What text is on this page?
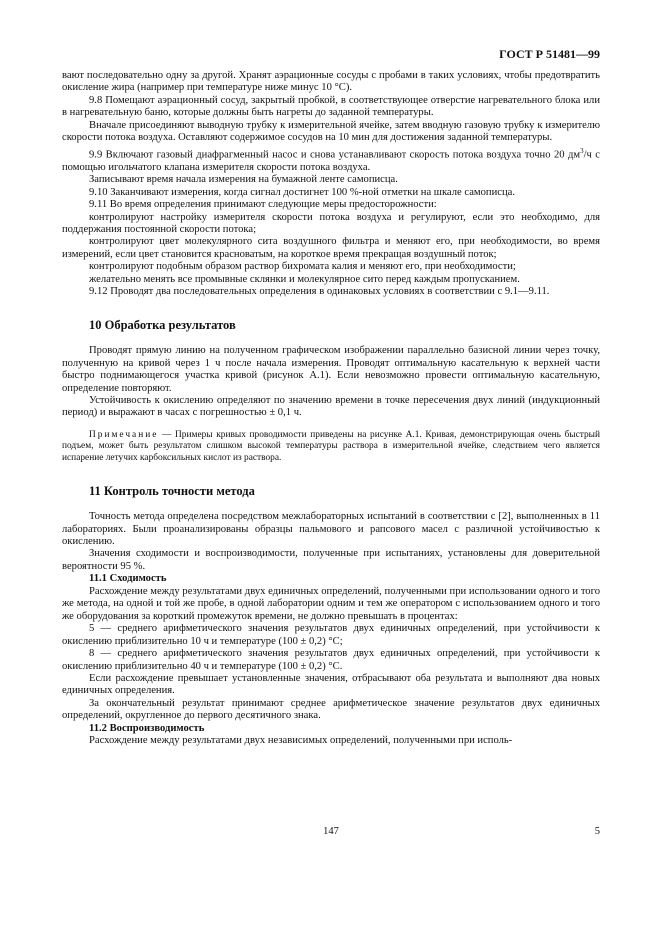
ГОСТ Р 51481—99

вают последовательно одну за другой. Хранят аэрационные сосуды с пробами в таких условиях, чтобы предотвратить окисление жира (например при температуре ниже минус 10 °С).

9.8 Помещают аэрационный сосуд, закрытый пробкой, в соответствующее отверстие нагревательного блока или в нагревательную баню, которые должны быть нагреты до заданной температуры.

Вначале присоединяют выводную трубку к измерительной ячейке, затем вводную газовую трубку к измерителю скорости потока воздуха. Оставляют содержимое сосудов на 10 мин для достижения заданной температуры.

9.9 Включают газовый диафрагменный насос и снова устанавливают скорость потока воздуха точно 20 $дм^3/ч$ с помощью игольчатого клапана измерителя скорости потока воздуха.

Записывают время начала измерения на бумажной ленте самописца.

9.10 Заканчивают измерения, когда сигнал достигнет 100 %-ной отметки на шкале самописца.

9.11 Во время определения принимают следующие меры предосторожности:

контролируют настройку измерителя скорости потока воздуха и регулируют, если это необходимо, для поддержания постоянной скорости потока;

контролируют цвет молекулярного сита воздушного фильтра и меняют его, при необходимости, во время измерений, если цвет становится красноватым, на короткое время прекращая воздушный поток;

контролируют подобным образом раствор бихромата калия и меняют его, при необходимости;

желательно менять все промывные склянки и молекулярное сито перед каждым пропусканием.

9.12 Проводят два последовательных определения в одинаковых условиях в соответствии с 9.1—9.11.

10 Обработка результатов

Проводят прямую линию на полученном графическом изображении параллельно базисной линии через точку, полученную на кривой через 1 ч после начала измерения. Проводят оптимальную касательную к верхней части быстро поднимающегося участка кривой (рисунок А.1). Если невозможно провести оптимальную касательную, определение повторяют.

Устойчивость к окислению определяют по значению времени в точке пересечения двух линий (индукционный период) и выражают в часах с погрешностью ± 0,1 ч.

Примечание — Примеры кривых проводимости приведены на рисунке А.1. Кривая, демонстрирующая очень быстрый подъем, может быть результатом слишком высокой температуры раствора в измерительной ячейке, следствием чего является испарение летучих карбоксильных кислот из раствора.

11 Контроль точности метода

Точность метода определена посредством межлабораторных испытаний в соответствии с [2], выполненных в 11 лабораториях. Были проанализированы образцы пальмового и рапсового масел с различной устойчивостью к окислению.

Значения сходимости и воспроизводимости, полученные при испытаниях, установлены для доверительной вероятности 95 %.

11.1 Сходимость

Расхождение между результатами двух единичных определений, полученными при использовании одного и того же метода, на одной и той же пробе, в одной лаборатории одним и тем же оператором с использованием одного и того же оборудования за короткий промежуток времени, не должно превышать в процентах:

5 — среднего арифметического значения результатов двух единичных определений, при устойчивости к окислению приблизительно 10 ч и температуре (100 ± 0,2) °С;

8 — среднего арифметического значения результатов двух единичных определений, при устойчивости к окислению приблизительно 40 ч и температуре (100 ± 0,2) °С.

Если расхождение превышает установленные значения, отбрасывают оба результата и выполняют два новых единичных определения.

За окончательный результат принимают среднее арифметическое значение результатов двух единичных определений, округленное до первого десятичного знака.

11.2 Воспроизводимость

Расхождение между результатами двух независимых определений, полученными при исполь-

147	5
